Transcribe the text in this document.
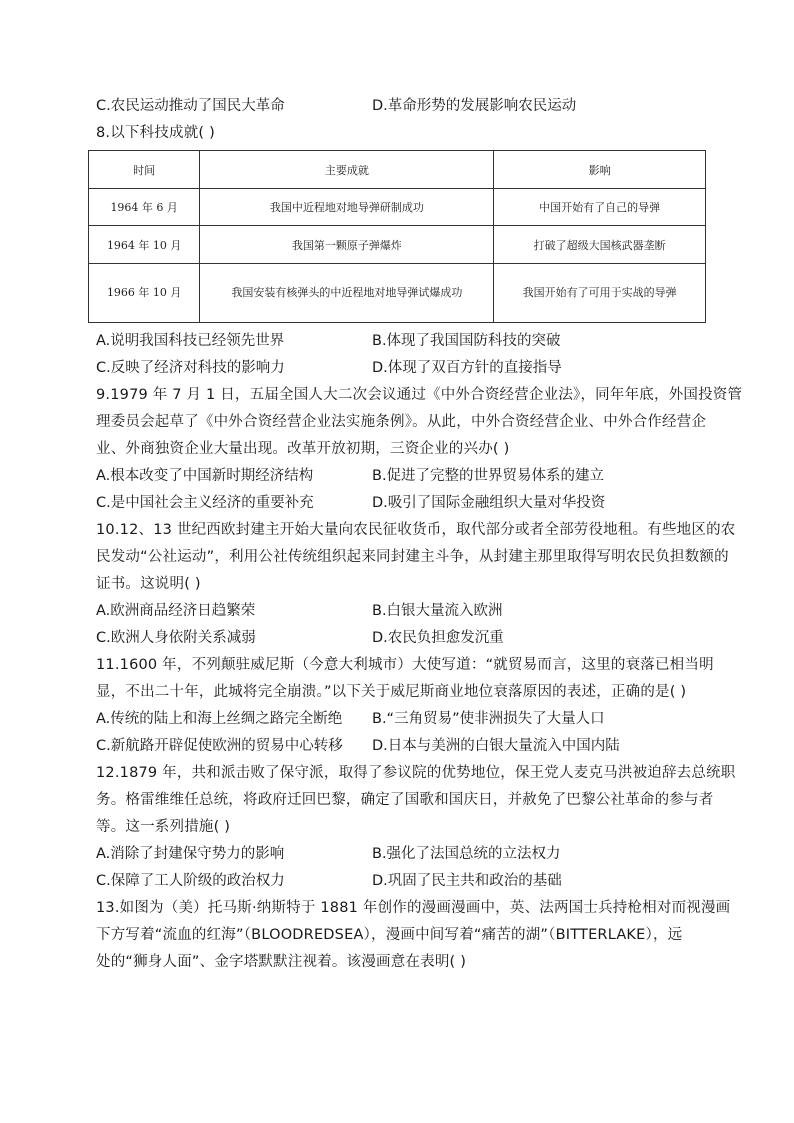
C.农民运动推动了国民大革命	D.革命形势的发展影响农民运动
8.以下科技成就( )
时间	主要成就	影响
1964 年 6 月	我国中近程地对地导弹研制成功	中国开始有了自己的导弹
1964 年 10 月	我国第一颗原子弹爆炸	打破了超级大国核武器垄断
1966 年 10 月	我国安装有核弹头的中近程地对地导弹试爆成功	我国开始有了可用于实战的导弹
A.说明我国科技已经领先世界	B.体现了我国国防科技的突破
C.反映了经济对科技的影响力	D.体现了双百方针的直接指导
9.1979 年 7 月 1 日，五届全国人大二次会议通过《中外合资经营企业法》，同年年底，外国投资管
理委员会起草了《中外合资经营企业法实施条例》。从此，中外合资经营企业、中外合作经营企
业、外商独资企业大量出现。改革开放初期，三资企业的兴办( )
A.根本改变了中国新时期经济结构	B.促进了完整的世界贸易体系的建立
C.是中国社会主义经济的重要补充	D.吸引了国际金融组织大量对华投资
10.12、13 世纪西欧封建主开始大量向农民征收货币，取代部分或者全部劳役地租。有些地区的农
民发动“公社运动”，利用公社传统组织起来同封建主斗争，从封建主那里取得写明农民负担数额的
证书。这说明( )
A.欧洲商品经济日趋繁荣	B.白银大量流入欧洲
C.欧洲人身依附关系减弱	D.农民负担愈发沉重
11.1600 年，不列颠驻威尼斯（今意大利城市）大使写道：“就贸易而言，这里的衰落已相当明
显，不出二十年，此城将完全崩溃。”以下关于威尼斯商业地位衰落原因的表述，正确的是( )
A.传统的陆上和海上丝绸之路完全断绝 B.“三角贸易”使非洲损失了大量人口
C.新航路开辟促使欧洲的贸易中心转移 D.日本与美洲的白银大量流入中国内陆
12.1879 年，共和派击败了保守派，取得了参议院的优势地位，保王党人麦克马洪被迫辞去总统职
务。格雷维维任总统，将政府迁回巴黎，确定了国歌和国庆日，并赦免了巴黎公社革命的参与者
等。这一系列措施( )
A.消除了封建保守势力的影响	B.强化了法国总统的立法权力
C.保障了工人阶级的政治权力	D.巩固了民主共和政治的基础
13.如图为（美）托马斯·纳斯特于 1881 年创作的漫画漫画中，英、法两国士兵持枪相对而视漫画
下方写着“流血的红海”（BLOODREDSEA），漫画中间写着“痛苦的湖”（BITTERLAKE），远
处的“狮身人面”、金字塔默默注视着。该漫画意在表明( )
